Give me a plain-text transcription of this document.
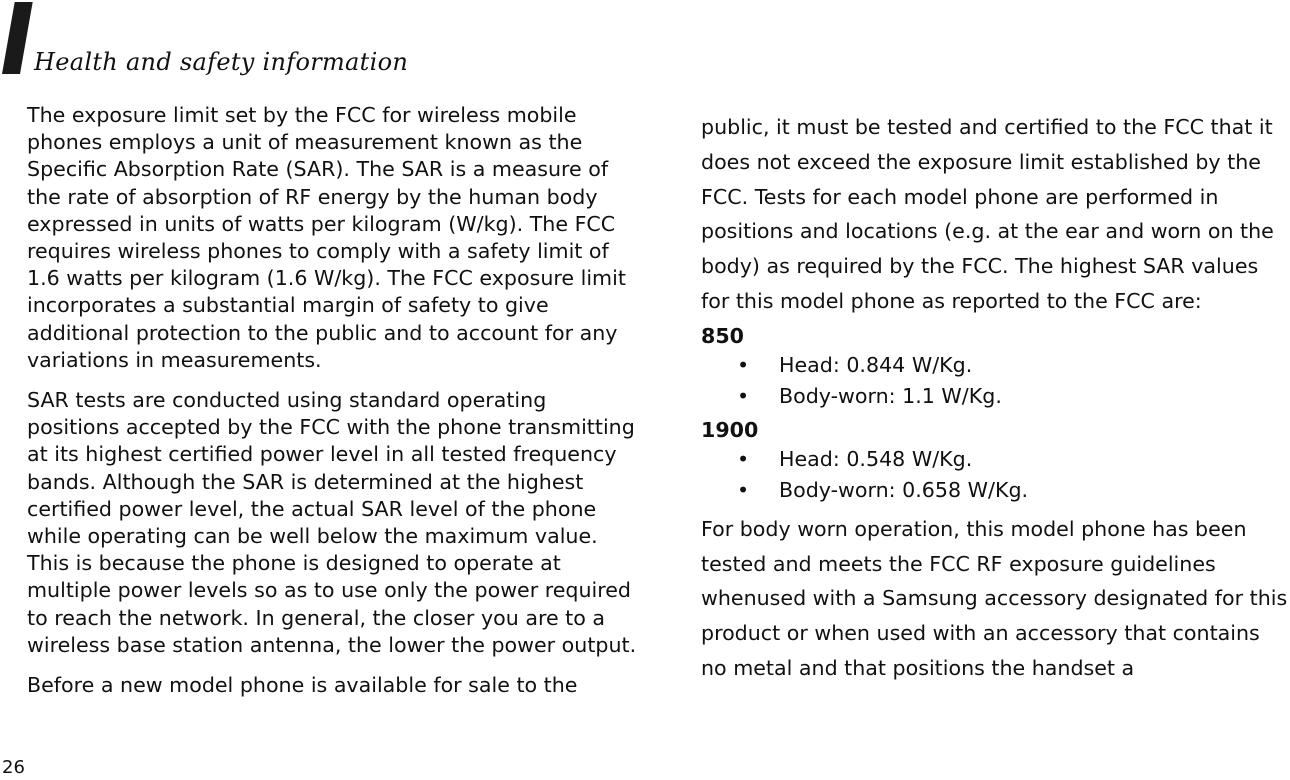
Health and safety information

The exposure limit set by the FCC for wireless mobile phones employs a unit of measurement known as the Specific Absorption Rate (SAR). The SAR is a measure of the rate of absorption of RF energy by the human body expressed in units of watts per kilogram (W/kg). The FCC requires wireless phones to comply with a safety limit of 1.6 watts per kilogram (1.6 W/kg). The FCC exposure limit incorporates a substantial margin of safety to give additional protection to the public and to account for any variations in measurements.

SAR tests are conducted using standard operating positions accepted by the FCC with the phone transmitting at its highest certified power level in all tested frequency bands. Although the SAR is determined at the highest certified power level, the actual SAR level of the phone while operating can be well below the maximum value. This is because the phone is designed to operate at multiple power levels so as to use only the power required to reach the network. In general, the closer you are to a wireless base station antenna, the lower the power output.

Before a new model phone is available for sale to the

public, it must be tested and certified to the FCC that it does not exceed the exposure limit established by the FCC. Tests for each model phone are performed in positions and locations (e.g. at the ear and worn on the body) as required by the FCC. The highest SAR values for this model phone as reported to the FCC are:

850
• Head: 0.844 W/Kg.
• Body-worn: 1.1 W/Kg.
1900
• Head: 0.548 W/Kg.
• Body-worn: 0.658 W/Kg.

For body worn operation, this model phone has been tested and meets the FCC RF exposure guidelines whenused with a Samsung accessory designated for this product or when used with an accessory that contains no metal and that positions the handset a

26
